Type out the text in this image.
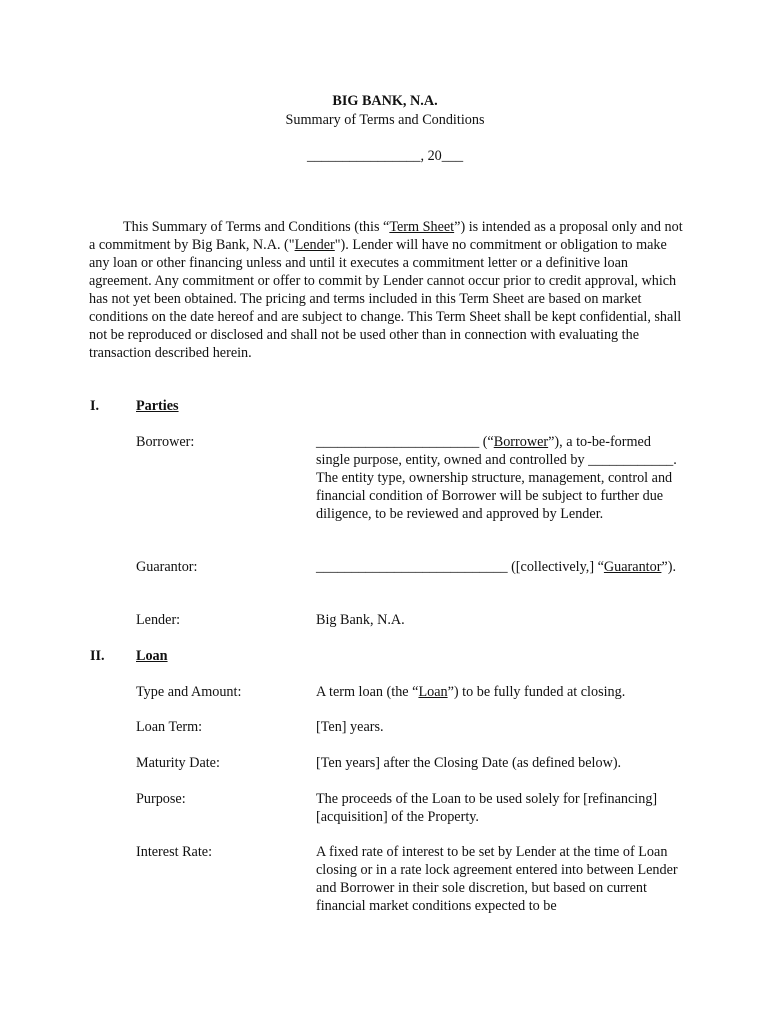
BIG BANK, N.A.
Summary of Terms and Conditions
________________, 20___

This Summary of Terms and Conditions (this “Term Sheet”) is intended as a proposal only and not a commitment by Big Bank, N.A. ("Lender"). Lender will have no commitment or obligation to make any loan or other financing unless and until it executes a commitment letter or a definitive loan agreement. Any commitment or offer to commit by Lender cannot occur prior to credit approval, which has not yet been obtained. The pricing and terms included in this Term Sheet are based on market conditions on the date hereof and are subject to change. This Term Sheet shall be kept confidential, shall not be reproduced or disclosed and shall not be used other than in connection with evaluating the transaction described herein.

I.	Parties
Borrower:	_______________________ (“Borrower”), a to-be-formed single purpose, entity, owned and controlled by ____________. The entity type, ownership structure, management, control and financial condition of Borrower will be subject to further due diligence, to be reviewed and approved by Lender.
Guarantor:	___________________________ ([collectively,] “Guarantor”).
Lender:	Big Bank, N.A.
II. Loan
Type and Amount:	A term loan (the “Loan”) to be fully funded at closing.
Loan Term:	[Ten] years.
Maturity Date:	[Ten years] after the Closing Date (as defined below).
Purpose:	The proceeds of the Loan to be used solely for [refinancing] [acquisition] of the Property.
Interest Rate:	A fixed rate of interest to be set by Lender at the time of Loan closing or in a rate lock agreement entered into between Lender and Borrower in their sole discretion, but based on current financial market conditions expected to be
